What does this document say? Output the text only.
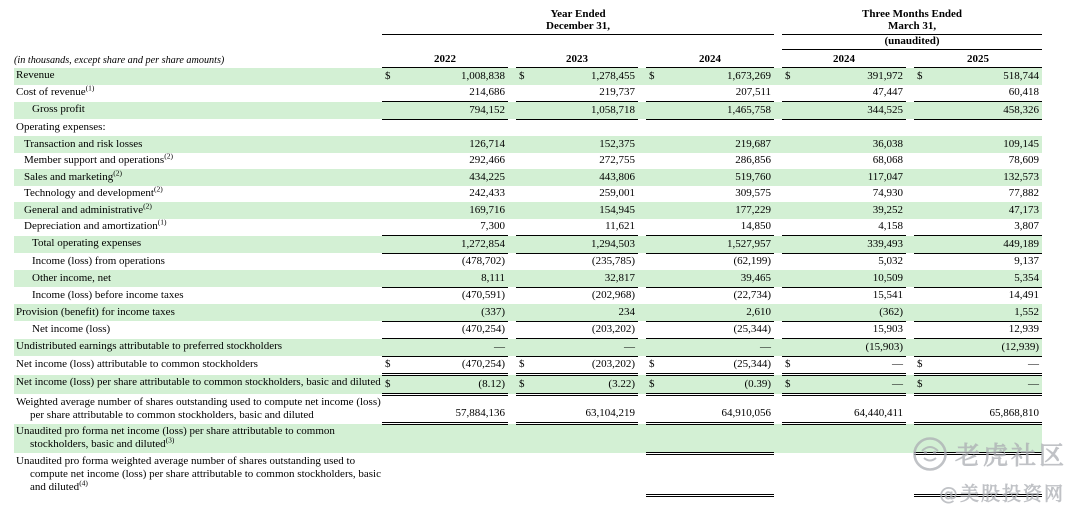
Year Ended
December 31,

Three Months Ended
March 31,

							(unaudited)		
(in thousands, except share and per share amounts)	2022		2023		2024		2024		2025
Revenue	$ 1,008,838		$ 1,278,455		$ 1,673,269		$ 391,972		$ 518,744

Cost of revenue$^{(1)}$	214,686		219,737		207,511		47,447		60,418

Gross profit	794,152		1,058,718		1,465,758		344,525		458,326

Operating expenses:	

Transaction and risk losses	126,714		152,375		219,687		36,038		109,145

Member support and operations$^{(2)}$	292,466		272,755		286,856		68,068		78,609

Sales and marketing$^{(2)}$	434,225		443,806		519,760		117,047		132,573

Technology and development$^{(2)}$	242,433		259,001		309,575		74,930		77,882

General and administrative$^{(2)}$	169,716		154,945		177,229		39,252		47,173

Depreciation and amortization$^{(1)}$	7,300		11,621		14,850		4,158		3,807

Total operating expenses	1,272,854		1,294,503		1,527,957		339,493		449,189

Income (loss) from operations	(478,702)		(235,785)		(62,199)		5,032		9,137

Other income, net	8,111		32,817		39,465		10,509		5,354

Income (loss) before income taxes	(470,591)		(202,968)		(22,734)		15,541		14,491

Provision (benefit) for income taxes	(337)		234		2,610		(362)		1,552

Net income (loss)	(470,254)		(203,202)		(25,344)		15,903		12,939

Undistributed earnings attributable to preferred stockholders	—		—		—		(15,903)		(12,939)

Net income (loss) attributable to common stockholders	$ (470,254)		$ (203,202)		$ (25,344)		$ —		$ —

Net income (loss) per share attributable to common stockholders, basic and diluted	$ (8.12)		$ (3.22)		$ (0.39)		$ —		$ —

Weighted average number of shares outstanding used to compute net income (loss) per share attributable to common stockholders, basic and diluted	57,884,136		63,104,219		64,910,056		64,440,411		65,868,810

Unaudited pro forma net income (loss) per share attributable to common stockholders, basic and diluted$^{(3)}$	

Unaudited pro forma weighted average number of shares outstanding used to compute net income (loss) per share attributable to common stockholders, basic and diluted$^{(4)}$	

老虎社区
@美股投资网
